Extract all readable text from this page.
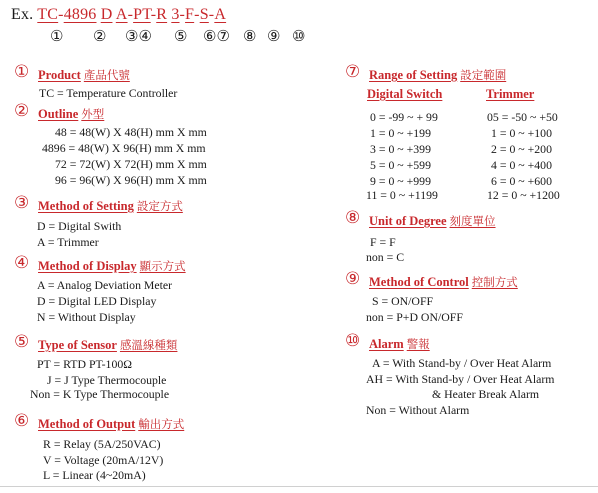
Ex. TC-4896 D A-PT-R 3-F-S-A
① ② ③④ ⑤ ⑥⑦ ⑧ ⑨ ⑩
① Product 產品代號
TC = Temperature Controller
② Outline 外型
48 = 48(W) X 48(H) mm X mm
4896 = 48(W) X 96(H) mm X mm
72 = 72(W) X 72(H) mm X mm
96 = 96(W) X 96(H) mm X mm
③ Method of Setting 設定方式
D = Digital Swith
A = Trimmer
④ Method of Display 顯示方式
A = Analog Deviation Meter
D = Digital LED Display
N = Without Display
⑤ Type of Sensor 感溫線種類
PT = RTD PT-100Ω
J = J Type Thermocouple
Non = K Type Thermocouple
⑥ Method of Output 輸出方式
R = Relay (5A/250VAC)
V = Voltage (20mA/12V)
L = Linear (4~20mA)
⑦ Range of Setting 設定範圍
Digital Switch	Trimmer
0 = -99 ~ + 99
1 = 0 ~ +199
3 = 0 ~ +399
5 = 0 ~ +599
9 = 0 ~ +999
11 = 0 ~ +1199
05 = -50 ~ +50
1 = 0 ~ +100
2 = 0 ~ +200
4 = 0 ~ +400
6 = 0 ~ +600
12 = 0 ~ +1200
⑧ Unit of Degree 刻度單位
F = F
non = C
⑨ Method of Control 控制方式
S = ON/OFF
non = P+D ON/OFF
⑩ Alarm 警報
A = With Stand-by / Over Heat Alarm
AH = With Stand-by / Over Heat Alarm
& Heater Break Alarm
Non = Without Alarm
